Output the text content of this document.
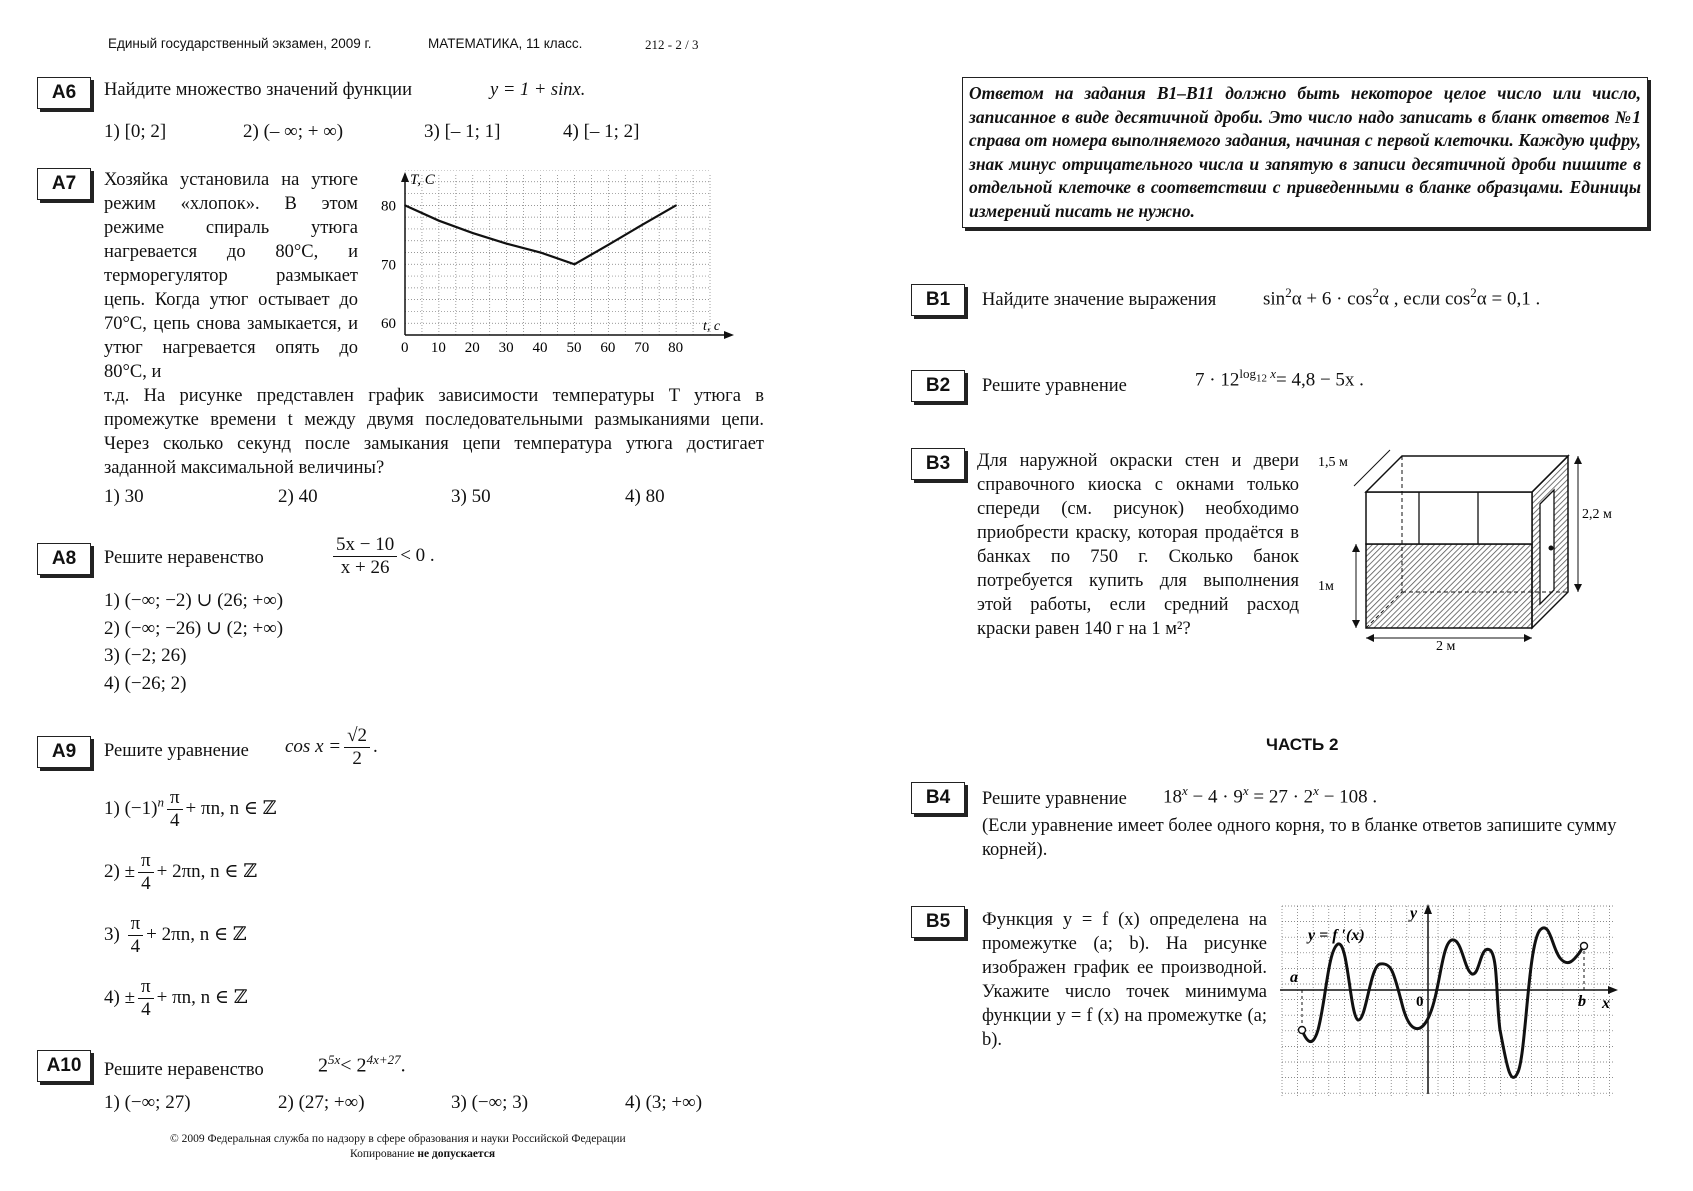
Единый государственный экзамен, 2009 г.	МАТЕМАТИКА, 11 класс.	212 - 2 / 3
A6	Найдите множество значений функции	y = 1 + sinx.
1) [0; 2]	2) (– ∞; + ∞)	3) [– 1; 1]	4) [– 1; 2]
A7	Хозяйка установила на утюге режим «хлопок». В этом режиме спираль утюга нагревается до 80°С, и терморегулятор размыкает цепь. Когда утюг остывает до 70°С, цепь снова замыкается, и утюг нагревается опять до 80°С, и
т.д. На рисунке представлен график зависимости температуры T утюга в промежутке времени t между двумя последовательными размыканиями цепи. Через сколько секунд после замыкания цепи температура утюга достигает заданной максимальной величины?
1) 30	2) 40	3) 50	4) 80
T, C
t, c
0 10 20 30 40 50 60 70 80
60
70
80
A8	Решите неравенство	$\frac{5x - 10}{x + 26} < 0$ .
1) (−∞; −2) ∪ (26; +∞)
2) (−∞; −26) ∪ (2; +∞)
3) (−2; 26)
4) (−26; 2)
A9	Решите уравнение $\cos x = \frac{√2}{2}$ .
1) $(-1)^n \frac{\pi}{4} + \pi n$, n ∈ ℤ
$2) \pm \frac{\pi}{4} + 2\pi n$, n ∈ ℤ
$3) \frac{\pi}{4} + 2\pi n$, n ∈ ℤ
$4) \pm \frac{\pi}{4} + \pi n$, n ∈ ℤ
A10	Решите неравенство	$2^{5x}< 2^{4x+27}$.
1) (−∞; 27)	2) (27; +∞)	3) (−∞; 3)	4) (3; +∞)
© 2009 Федеральная служба по надзору в сфере образования и науки Российской Федерации
Копирование не допускается
Ответом на задания В1–В11 должно быть некоторое целое число или число, записанное в виде десятичной дроби. Это число надо записать в бланк ответов №1 справа от номера выполняемого задания, начиная с первой клеточки. Каждую цифру, знак минус отрицательного числа и запятую в записи десятичной дроби пишите в отдельной клеточке в соответствии с приведенными в бланке образцами. Единицы измерений писать не нужно.
B1	Найдите значение выражения $\sin^2\alpha + 6 \cdot \cos^2\alpha$ , если $\cos^2\alpha = 0,1$ .
B2	Решите уравнение	$7 \cdot 12^{log_{12} x}= 4,8 - 5x$ .
B3	Для наружной окраски стен и двери справочного киоска с окнами только спереди (см. рисунок) необходимо приобрести краску, которая продаётся в банках по 750 г. Сколько банок потребуется купить для выполнения этой работы, если средний расход краски равен 140 г на 1 м²?
1,5 м
2,2 м
1м
2 м
ЧАСТЬ 2
B4	Решите уравнение $18^x - 4 \cdot 9^x = 27 \cdot 2^x - 108$ .
(Если уравнение имеет более одного корня, то в бланке ответов запишите сумму корней).
B5	Функция y = f (x) определена на промежутке (a; b). На рисунке изображен график ее производной. Укажите число точек минимума функции y = f (x) на промежутке (a; b).
y
x
0
a
b
y = f ′(x)
